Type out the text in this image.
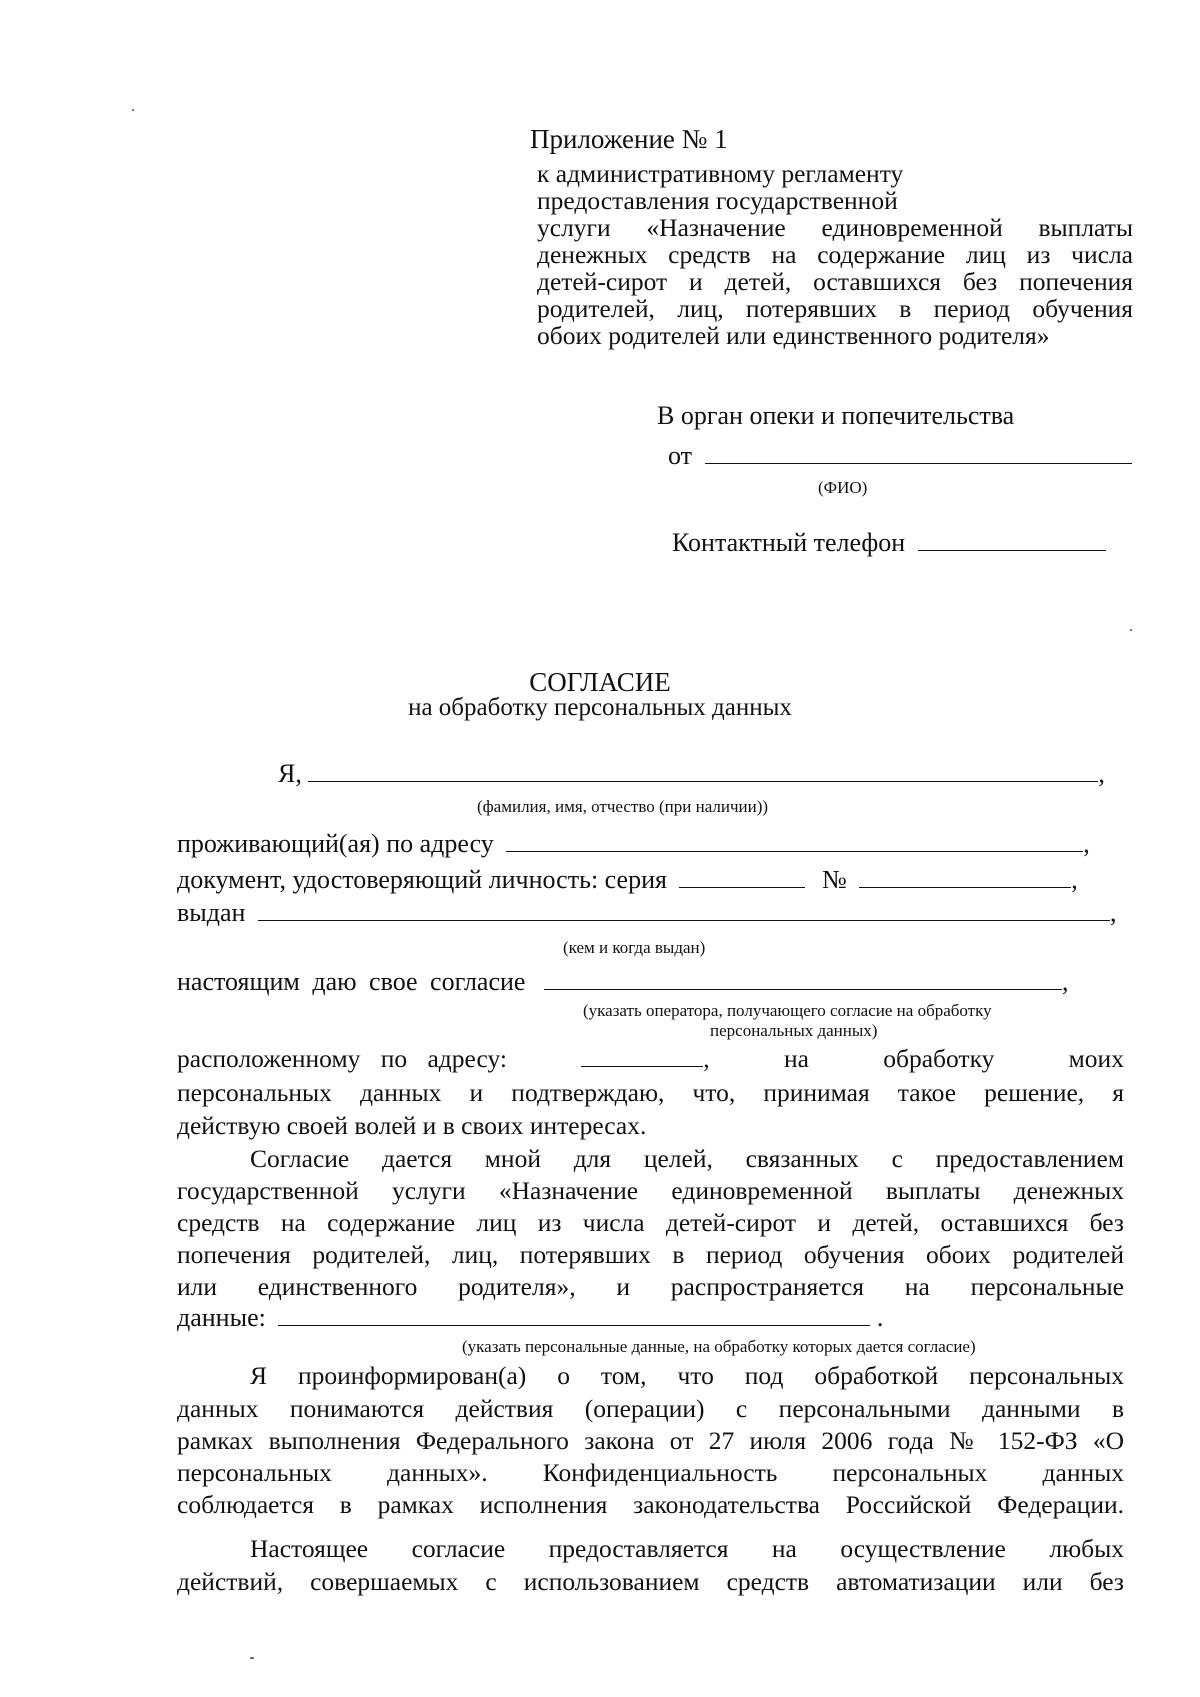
Приложение № 1
к административному регламенту
предоставления государственной
услуги «Назначение единовременной выплаты
денежных средств на содержание лиц из числа
детей-сирот и детей, оставшихся без попечения
родителей, лиц, потерявших в период обучения
обоих родителей или единственного родителя»
В орган опеки и попечительства
от
(ФИО)
Контактный телефон
СОГЛАСИЕ
на обработку персональных данных
Я,	,
(фамилия, имя, отчество (при наличии))
проживающий(ая) по адресу	,
документ, удостоверяющий личность: серия	№	,
выдан	,
(кем и когда выдан)
настоящим даю свое согласие	,
(указать оператора, получающего согласие на обработку
персональных данных)
расположенному по адресу:	,	на	обработку	моих
персональных данных и подтверждаю, что, принимая такое решение, я
действую своей волей и в своих интересах.
Согласие дается мной для целей, связанных с предоставлением
государственной услуги «Назначение единовременной выплаты денежных
средств на содержание лиц из числа детей-сирот и детей, оставшихся без
попечения родителей, лиц, потерявших в период обучения обоих родителей
или единственного родителя», и распространяется на персональные
данные:	.
(указать персональные данные, на обработку которых дается согласие)
Я проинформирован(а) о том, что под обработкой персональных
данных понимаются действия (операции) с персональными данными в
рамках выполнения Федерального закона от 27 июля 2006 года № 152-ФЗ «О
персональных данных». Конфиденциальность персональных данных
соблюдается в рамках исполнения законодательства Российской Федерации.
Настоящее согласие предоставляется на осуществление любых
действий, совершаемых с использованием средств автоматизации или без
